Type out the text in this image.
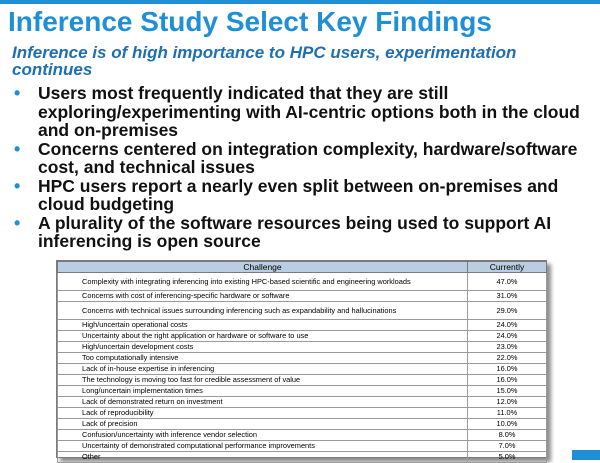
Inference Study Select Key Findings
Inference is of high importance to HPC users, experimentation continues
• Users most frequently indicated that they are still exploring/experimenting with AI-centric options both in the cloud and on-premises
• Concerns centered on integration complexity, hardware/software cost, and technical issues
• HPC users report a nearly even split between on-premises and cloud budgeting
• A plurality of the software resources being used to support AI inferencing is open source
Challenge	Currently
Complexity with integrating inferencing into existing HPC-based scientific and engineering workloads	47.0%
Concerns with cost of inferencing-specific hardware or software	31.0%
Concerns with technical issues surrounding inferencing such as expandability and hallucinations	29.0%
High/uncertain operational costs	24.0%
Uncertainty about the right application or hardware or software to use	24.0%
High/uncertain development costs	23.0%
Too computationally intensive	22.0%
Lack of in-house expertise in inferencing	16.0%
The technology is moving too fast for credible assessment of value	16.0%
Long/uncertain implementation times	15.0%
Lack of demonstrated return on investment	12.0%
Lack of reproducibility	11.0%
Lack of precision	10.0%
Confusion/uncertainty with inference vendor selection	8.0%
Uncertainty of demonstrated computational performance improvements	7.0%
Other	5.0%
